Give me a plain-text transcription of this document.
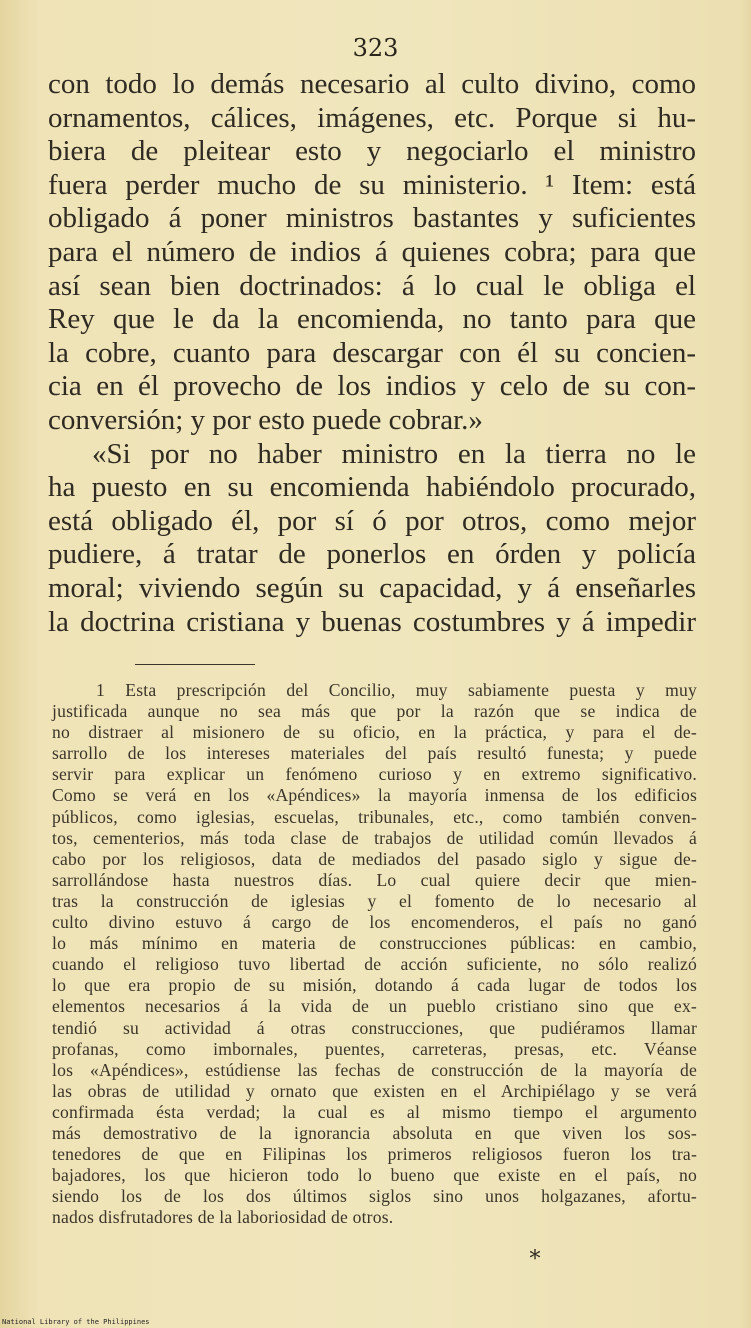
323
con todo lo demás necesario al culto divino, como
ornamentos, cálices, imágenes, etc. Porque si hu-
biera de pleitear esto y negociarlo el ministro
fuera perder mucho de su ministerio. ¹ Item: está
obligado á poner ministros bastantes y suficientes
para el número de indios á quienes cobra; para que
así sean bien doctrinados: á lo cual le obliga el
Rey que le da la encomienda, no tanto para que
la cobre, cuanto para descargar con él su concien-
cia en él provecho de los indios y celo de su con-
conversión; y por esto puede cobrar.»
«Si por no haber ministro en la tierra no le
ha puesto en su encomienda habiéndolo procurado,
está obligado él, por sí ó por otros, como mejor
pudiere, á tratar de ponerlos en órden y policía
moral; viviendo según su capacidad, y á enseñarles
la doctrina cristiana y buenas costumbres y á impedir
1 Esta prescripción del Concilio, muy sabiamente puesta y muy
justificada aunque no sea más que por la razón que se indica de
no distraer al misionero de su oficio, en la práctica, y para el de-
sarrollo de los intereses materiales del país resultó funesta; y puede
servir para explicar un fenómeno curioso y en extremo significativo.
Como se verá en los «Apéndices» la mayoría inmensa de los edificios
públicos, como iglesias, escuelas, tribunales, etc., como también conven-
tos, cementerios, más toda clase de trabajos de utilidad común llevados á
cabo por los religiosos, data de mediados del pasado siglo y sigue de-
sarrollándose hasta nuestros días. Lo cual quiere decir que mien-
tras la construcción de iglesias y el fomento de lo necesario al
culto divino estuvo á cargo de los encomenderos, el país no ganó
lo más mínimo en materia de construcciones públicas: en cambio,
cuando el religioso tuvo libertad de acción suficiente, no sólo realizó
lo que era propio de su misión, dotando á cada lugar de todos los
elementos necesarios á la vida de un pueblo cristiano sino que ex-
tendió su actividad á otras construcciones, que pudiéramos llamar
profanas, como imbornales, puentes, carreteras, presas, etc. Véanse
los «Apéndices», estúdiense las fechas de construcción de la mayoría de
las obras de utilidad y ornato que existen en el Archipiélago y se verá
confirmada ésta verdad; la cual es al mismo tiempo el argumento
más demostrativo de la ignorancia absoluta en que viven los sos-
tenedores de que en Filipinas los primeros religiosos fueron los tra-
bajadores, los que hicieron todo lo bueno que existe en el país, no
siendo los de los dos últimos siglos sino unos holgazanes, afortu-
nados disfrutadores de la laboriosidad de otros.
*
National Library of the Philippines
